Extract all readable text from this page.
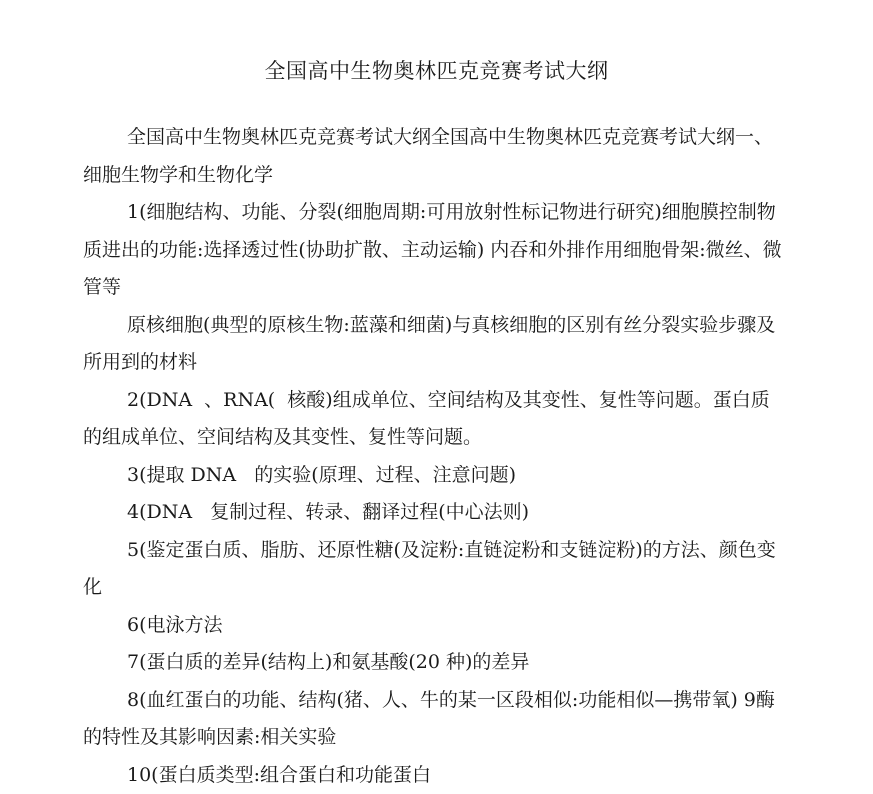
全国高中生物奥林匹克竞赛考试大纲

全国高中生物奥林匹克竞赛考试大纲全国高中生物奥林匹克竞赛考试大纲一、细胞生物学和生物化学

1(细胞结构、功能、分裂(细胞周期:可用放射性标记物进行研究)细胞膜控制物质进出的功能:选择透过性(协助扩散、主动运输) 内吞和外排作用细胞骨架:微丝、微管等

原核细胞(典型的原核生物:蓝藻和细菌)与真核细胞的区别有丝分裂实验步骤及所用到的材料

2(DNA  、RNA(  核酸)组成单位、空间结构及其变性、复性等问题。蛋白质的组成单位、空间结构及其变性、复性等问题。

3(提取 DNA   的实验(原理、过程、注意问题)

4(DNA   复制过程、转录、翻译过程(中心法则)

5(鉴定蛋白质、脂肪、还原性糖(及淀粉:直链淀粉和支链淀粉)的方法、颜色变化

6(电泳方法

7(蛋白质的差异(结构上)和氨基酸(20 种)的差异

8(血红蛋白的功能、结构(猪、人、牛的某一区段相似:功能相似—携带氧) 9酶的特性及其影响因素:相关实验

10(蛋白质类型:组合蛋白和功能蛋白
